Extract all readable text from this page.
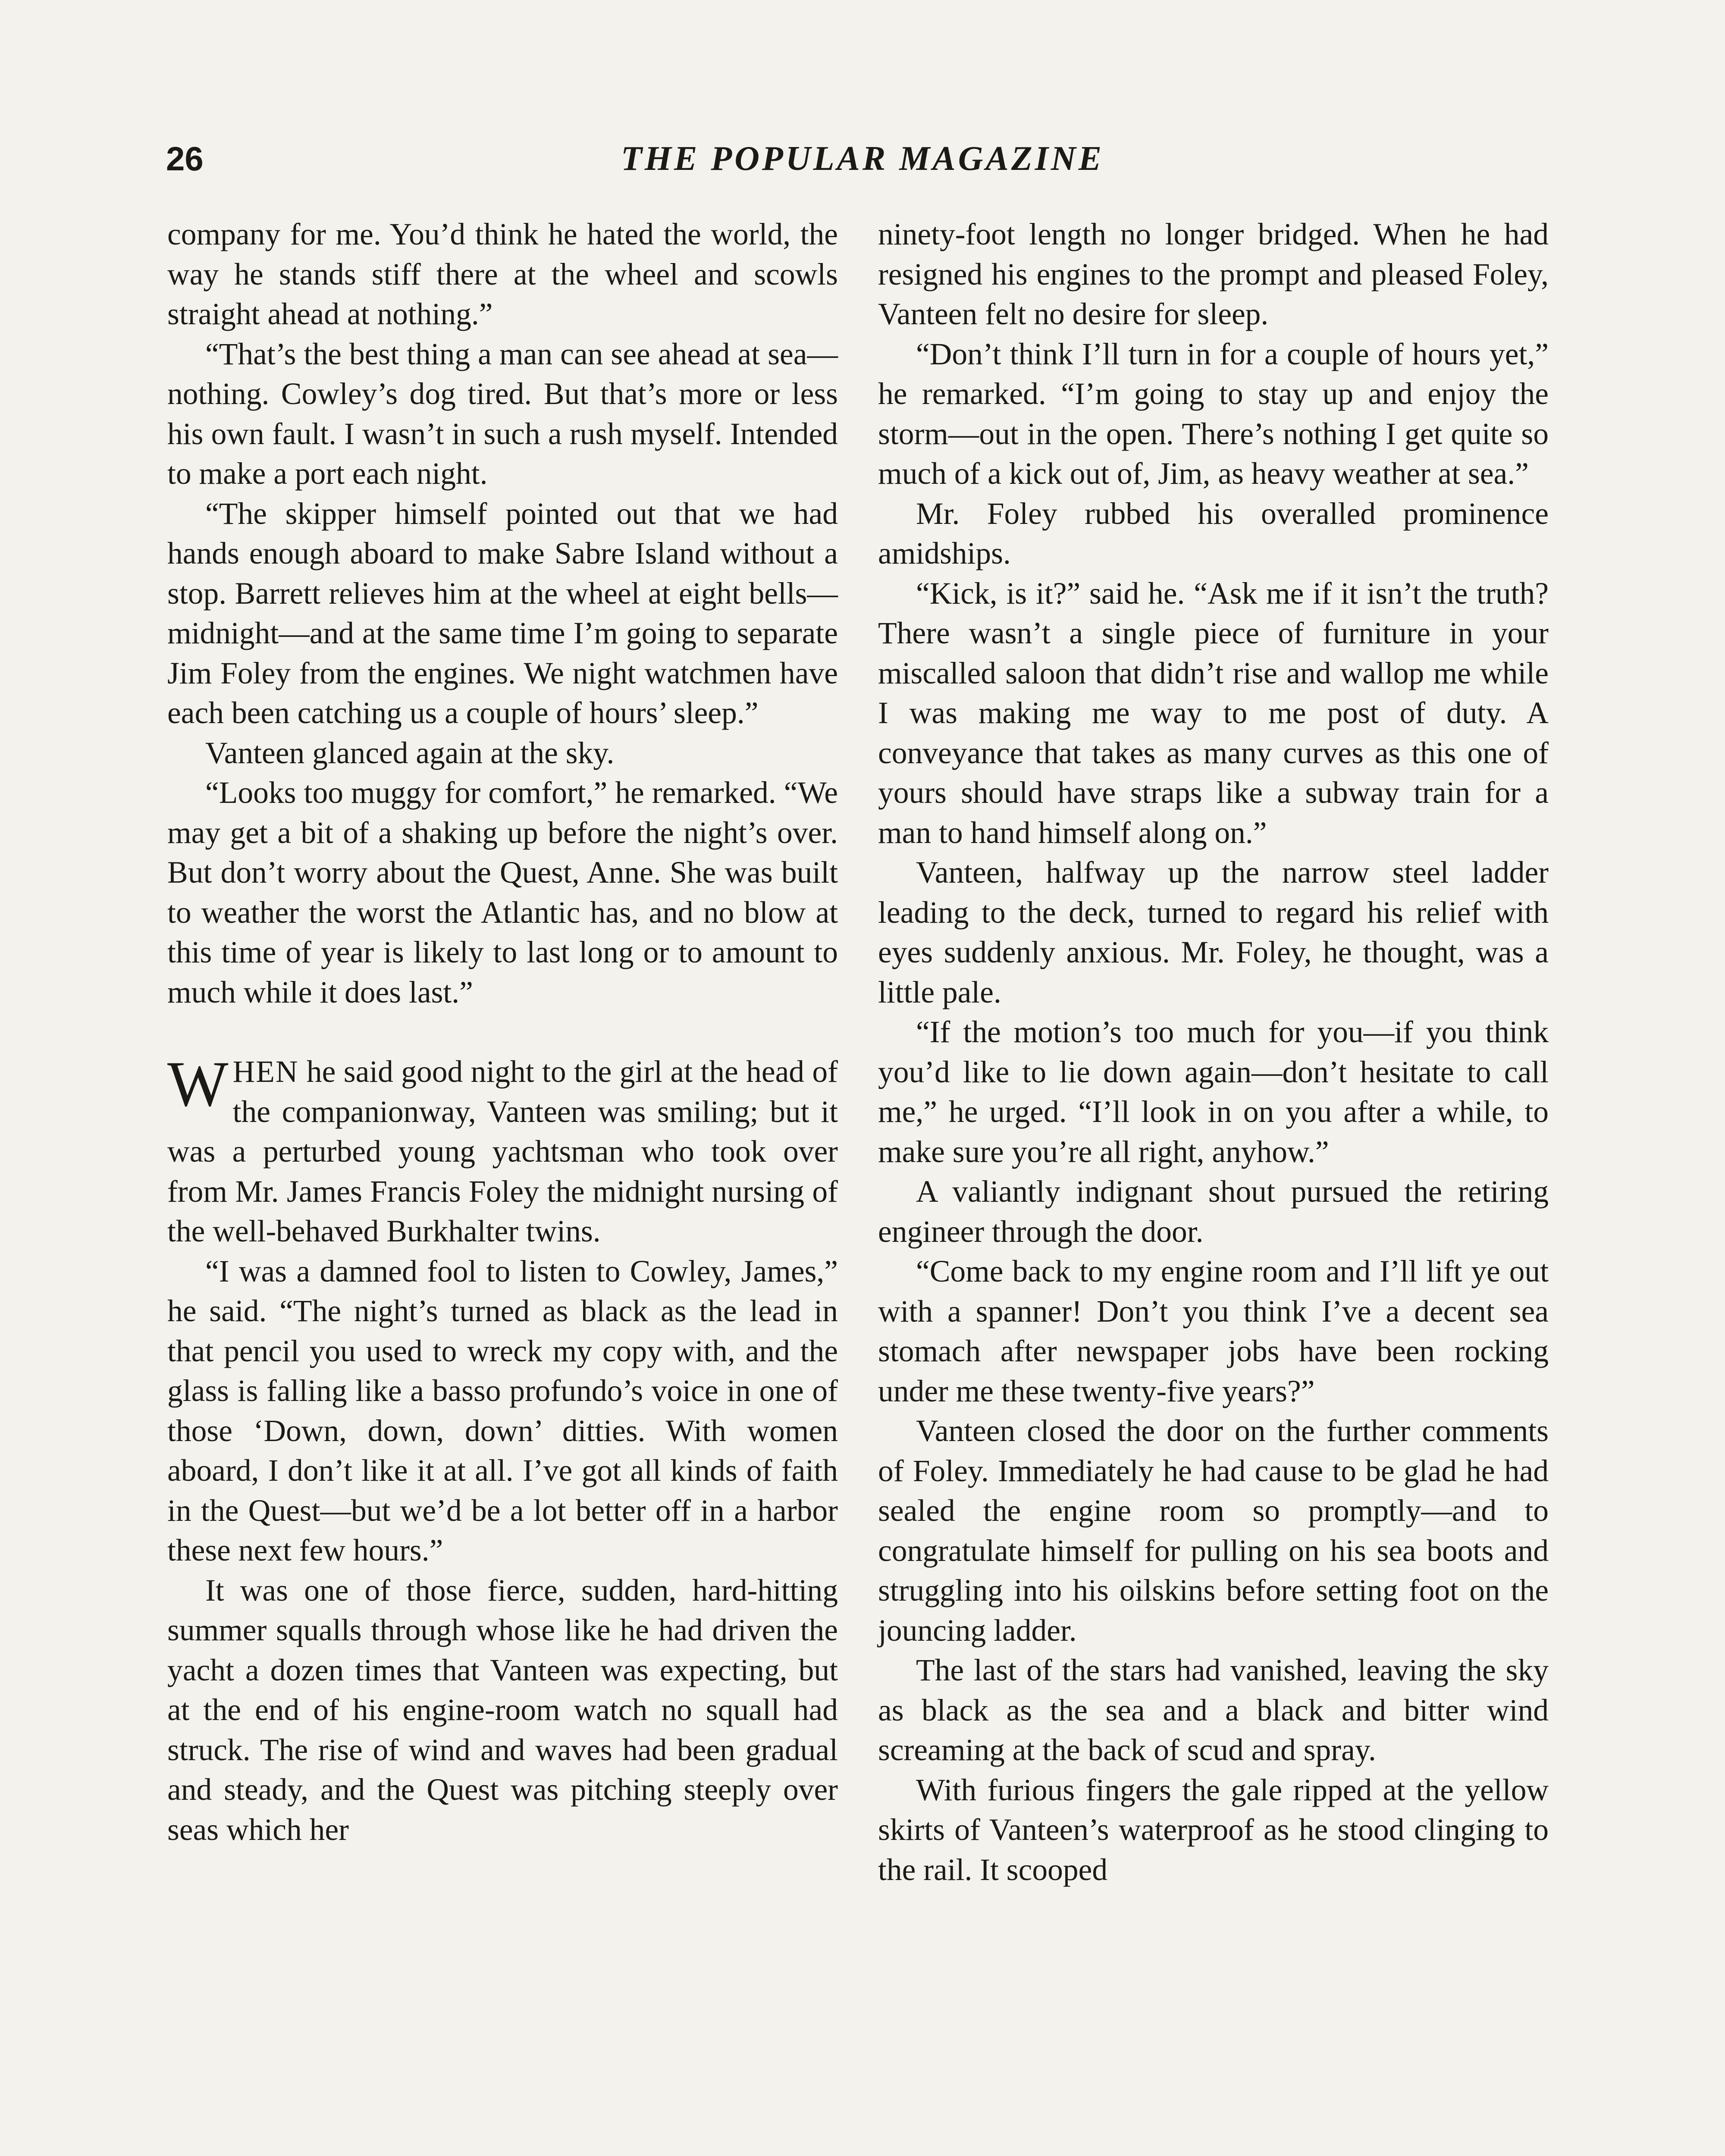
26	THE POPULAR MAGAZINE

company for me. You’d think he hated the world, the way he stands stiff there at the wheel and scowls straight ahead at nothing.”

“That’s the best thing a man can see ahead at sea—nothing. Cowley’s dog tired. But that’s more or less his own fault. I wasn’t in such a rush myself. Intended to make a port each night.

“The skipper himself pointed out that we had hands enough aboard to make Sabre Island without a stop. Barrett relieves him at the wheel at eight bells—midnight—and at the same time I’m going to separate Jim Foley from the engines. We night watchmen have each been catching us a couple of hours’ sleep.”

Vanteen glanced again at the sky.

“Looks too muggy for comfort,” he remarked. “We may get a bit of a shaking up before the night’s over. But don’t worry about the Quest, Anne. She was built to weather the worst the Atlantic has, and no blow at this time of year is likely to last long or to amount to much while it does last.”

WHEN he said good night to the girl at the head of the companionway, Vanteen was smiling; but it was a perturbed young yachtsman who took over from Mr. James Francis Foley the midnight nursing of the well-behaved Burkhalter twins.

“I was a damned fool to listen to Cowley, James,” he said. “The night’s turned as black as the lead in that pencil you used to wreck my copy with, and the glass is falling like a basso profundo’s voice in one of those ‘Down, down, down’ ditties. With women aboard, I don’t like it at all. I’ve got all kinds of faith in the Quest—but we’d be a lot better off in a harbor these next few hours.”

It was one of those fierce, sudden, hard-hitting summer squalls through whose like he had driven the yacht a dozen times that Vanteen was expecting, but at the end of his engine-room watch no squall had struck. The rise of wind and waves had been gradual and steady, and the Quest was pitching steeply over seas which her

ninety-foot length no longer bridged. When he had resigned his engines to the prompt and pleased Foley, Vanteen felt no desire for sleep.

“Don’t think I’ll turn in for a couple of hours yet,” he remarked. “I’m going to stay up and enjoy the storm—out in the open. There’s nothing I get quite so much of a kick out of, Jim, as heavy weather at sea.”

Mr. Foley rubbed his overalled prominence amidships.

“Kick, is it?” said he. “Ask me if it isn’t the truth? There wasn’t a single piece of furniture in your miscalled saloon that didn’t rise and wallop me while I was making me way to me post of duty. A conveyance that takes as many curves as this one of yours should have straps like a subway train for a man to hand himself along on.”

Vanteen, halfway up the narrow steel ladder leading to the deck, turned to regard his relief with eyes suddenly anxious. Mr. Foley, he thought, was a little pale.

“If the motion’s too much for you—if you think you’d like to lie down again—don’t hesitate to call me,” he urged. “I’ll look in on you after a while, to make sure you’re all right, anyhow.”

A valiantly indignant shout pursued the retiring engineer through the door.

“Come back to my engine room and I’ll lift ye out with a spanner! Don’t you think I’ve a decent sea stomach after newspaper jobs have been rocking under me these twenty-five years?”

Vanteen closed the door on the further comments of Foley. Immediately he had cause to be glad he had sealed the engine room so promptly—and to congratulate himself for pulling on his sea boots and struggling into his oilskins before setting foot on the jouncing ladder.

The last of the stars had vanished, leaving the sky as black as the sea and a black and bitter wind screaming at the back of scud and spray.

With furious fingers the gale ripped at the yellow skirts of Vanteen’s waterproof as he stood clinging to the rail. It scooped
